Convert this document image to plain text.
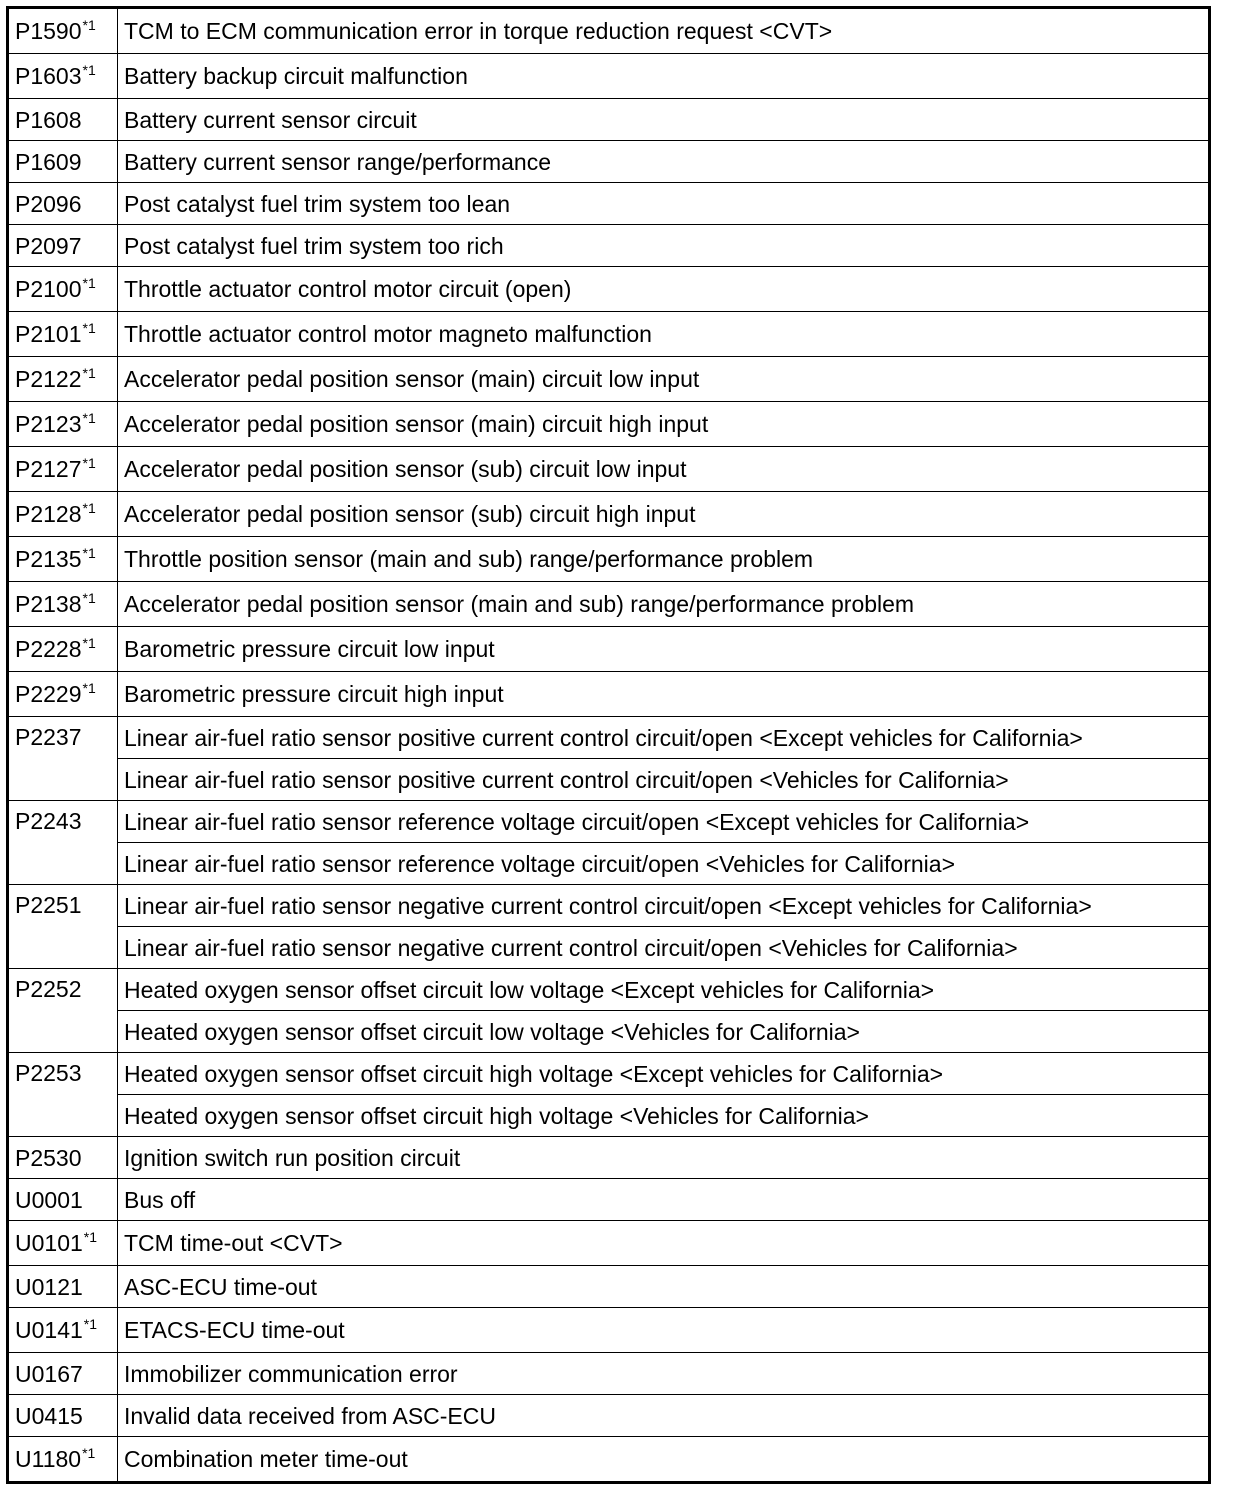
P1590$^{*1}$	TCM to ECM communication error in torque reduction request <CVT>
P1603$^{*1}$	Battery backup circuit malfunction
P1608	Battery current sensor circuit
P1609	Battery current sensor range/performance
P2096	Post catalyst fuel trim system too lean
P2097	Post catalyst fuel trim system too rich
P2100$^{*1}$	Throttle actuator control motor circuit (open)
P2101$^{*1}$	Throttle actuator control motor magneto malfunction
P2122$^{*1}$	Accelerator pedal position sensor (main) circuit low input
P2123$^{*1}$	Accelerator pedal position sensor (main) circuit high input
P2127$^{*1}$	Accelerator pedal position sensor (sub) circuit low input
P2128$^{*1}$	Accelerator pedal position sensor (sub) circuit high input
P2135$^{*1}$	Throttle position sensor (main and sub) range/performance problem
P2138$^{*1}$	Accelerator pedal position sensor (main and sub) range/performance problem
P2228$^{*1}$	Barometric pressure circuit low input
P2229$^{*1}$	Barometric pressure circuit high input
P2237	Linear air-fuel ratio sensor positive current control circuit/open <Except vehicles for California>
	Linear air-fuel ratio sensor positive current control circuit/open <Vehicles for California>
P2243	Linear air-fuel ratio sensor reference voltage circuit/open <Except vehicles for California>
	Linear air-fuel ratio sensor reference voltage circuit/open <Vehicles for California>
P2251	Linear air-fuel ratio sensor negative current control circuit/open <Except vehicles for California>
	Linear air-fuel ratio sensor negative current control circuit/open <Vehicles for California>
P2252	Heated oxygen sensor offset circuit low voltage <Except vehicles for California>
	Heated oxygen sensor offset circuit low voltage <Vehicles for California>
P2253	Heated oxygen sensor offset circuit high voltage <Except vehicles for California>
	Heated oxygen sensor offset circuit high voltage <Vehicles for California>
P2530	Ignition switch run position circuit
U0001	Bus off
U0101$^{*1}$	TCM time-out <CVT>
U0121	ASC-ECU time-out
U0141$^{*1}$	ETACS-ECU time-out
U0167	Immobilizer communication error
U0415	Invalid data received from ASC-ECU
U1180$^{*1}$	Combination meter time-out
